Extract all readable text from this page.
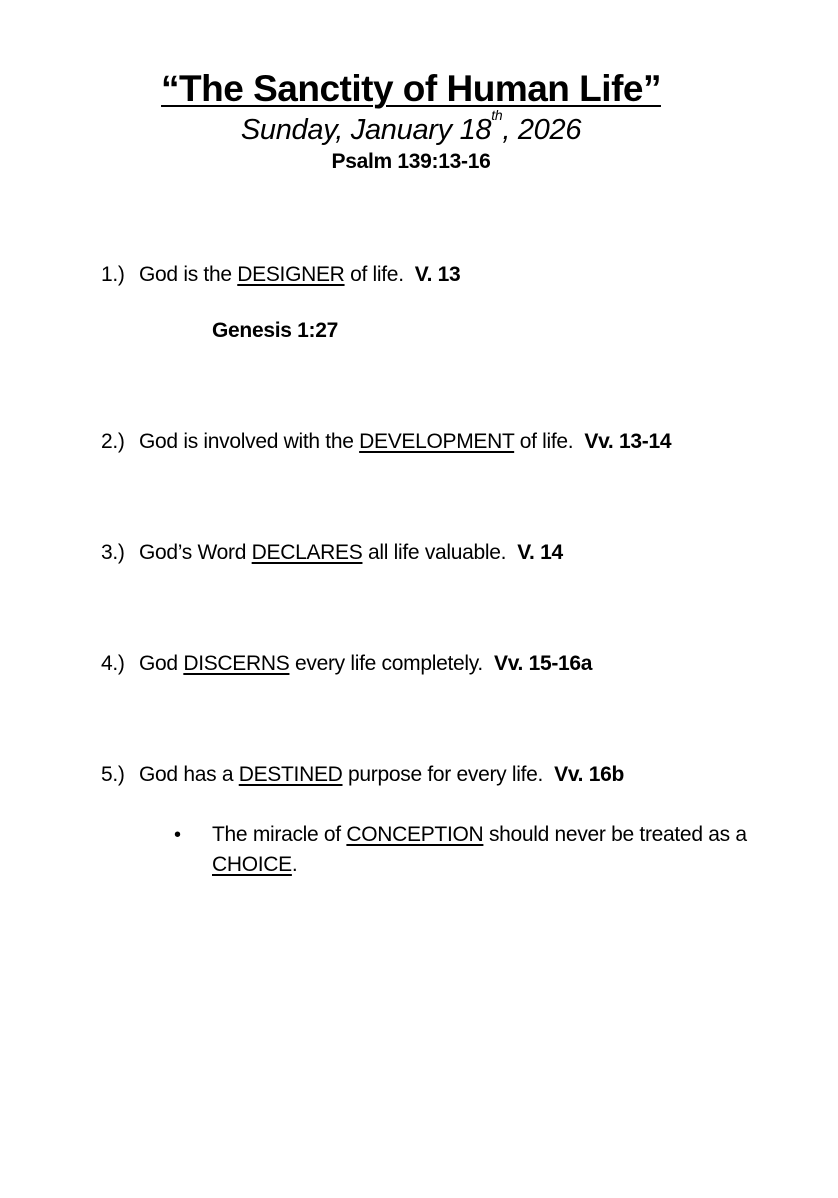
“The Sanctity of Human Life”
Sunday, January 18th, 2026
Psalm 139:13-16
1.) God is the DESIGNER of life.  V. 13
Genesis 1:27
2.) God is involved with the DEVELOPMENT of life.  Vv. 13-14
3.) God’s Word DECLARES all life valuable.  V. 14
4.) God DISCERNS every life completely.  Vv. 15-16a
5.) God has a DESTINED purpose for every life.  Vv. 16b
• The miracle of CONCEPTION should never be treated as a CHOICE.
